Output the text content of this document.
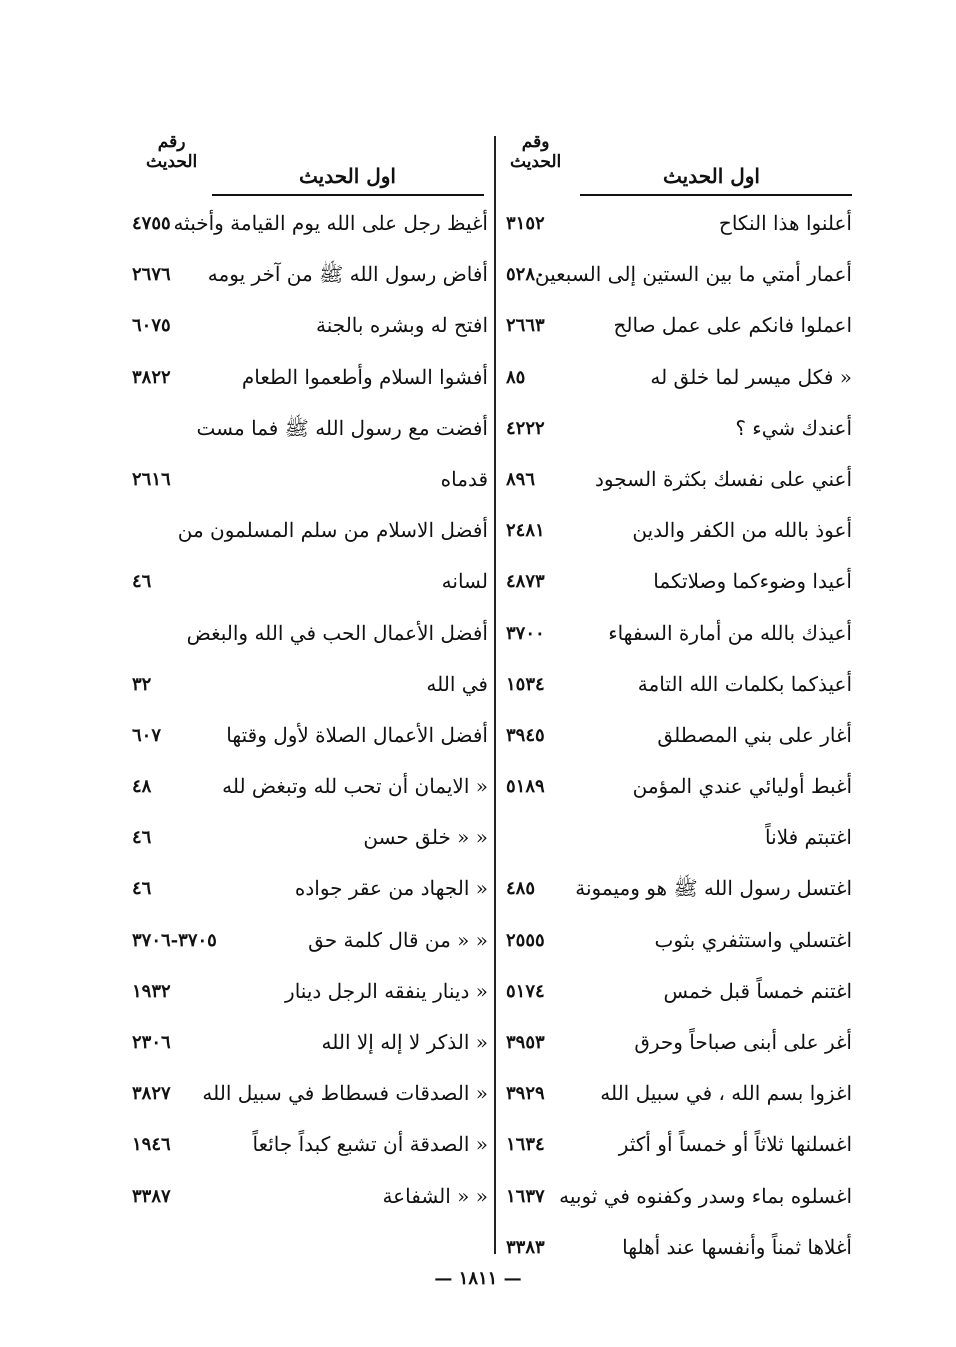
اول الحديث
وقم
الحديث
أعلنوا هذا النكاح
٣١٥٢
أعمار أمتي ما بين الستين إلى السبعين
٥٢٨٠
اعملوا فانكم على عمل صالح
٢٦٦٣
« فكل ميسر لما خلق له
٨٥
أعندك شيء ؟
٤٢٢٢
أعني على نفسك بكثرة السجود
٨٩٦
أعوذ بالله من الكفر والدين
٢٤٨١
أعيدا وضوءكما وصلاتكما
٤٨٧٣
أعيذك بالله من أمارة السفهاء
٣٧٠٠
أعيذكما بكلمات الله التامة
١٥٣٤
أغار على بني المصطلق
٣٩٤٥
أغبط أوليائي عندي المؤمن
٥١٨٩
اغتبتم فلاناً
اغتسل رسول الله ﷺ هو وميمونة
٤٨٥
اغتسلي واستثفري بثوب
٢٥٥٥
اغتنم خمساً قبل خمس
٥١٧٤
أغر على أبنى صباحاً وحرق
٣٩٥٣
اغزوا بسم الله ، في سبيل الله
٣٩٢٩
اغسلنها ثلاثاً أو خمساً أو أكثر
١٦٣٤
اغسلوه بماء وسدر وكفنوه في ثوبيه
١٦٣٧
أغلاها ثمناً وأنفسها عند أهلها
٣٣٨٣
اول الحديث
رقم
الحديث
أغيظ رجل على الله يوم القيامة وأخبثه
٤٧٥٥
أفاض رسول الله ﷺ من آخر يومه
٢٦٧٦
افتح له وبشره بالجنة
٦٠٧٥
أفشوا السلام وأطعموا الطعام
٣٨٢٢
أفضت مع رسول الله ﷺ فما مست
قدماه
٢٦١٦
أفضل الاسلام من سلم المسلمون من
لسانه
٤٦
أفضل الأعمال الحب في الله والبغض
في الله
٣٢
أفضل الأعمال الصلاة لأول وقتها
٦٠٧
« الايمان أن تحب لله وتبغض لله
٤٨
« « خلق حسن
٤٦
« الجهاد من عقر جواده
٤٦
« « من قال كلمة حق
٣٧٠٥-٣٧٠٦
« دينار ينفقه الرجل دينار
١٩٣٢
« الذكر لا إله إلا الله
٢٣٠٦
« الصدقات فسطاط في سبيل الله
٣٨٢٧
« الصدقة أن تشبع كبداً جائعاً
١٩٤٦
« « الشفاعة
٣٣٨٧
— ١٨١١ —
